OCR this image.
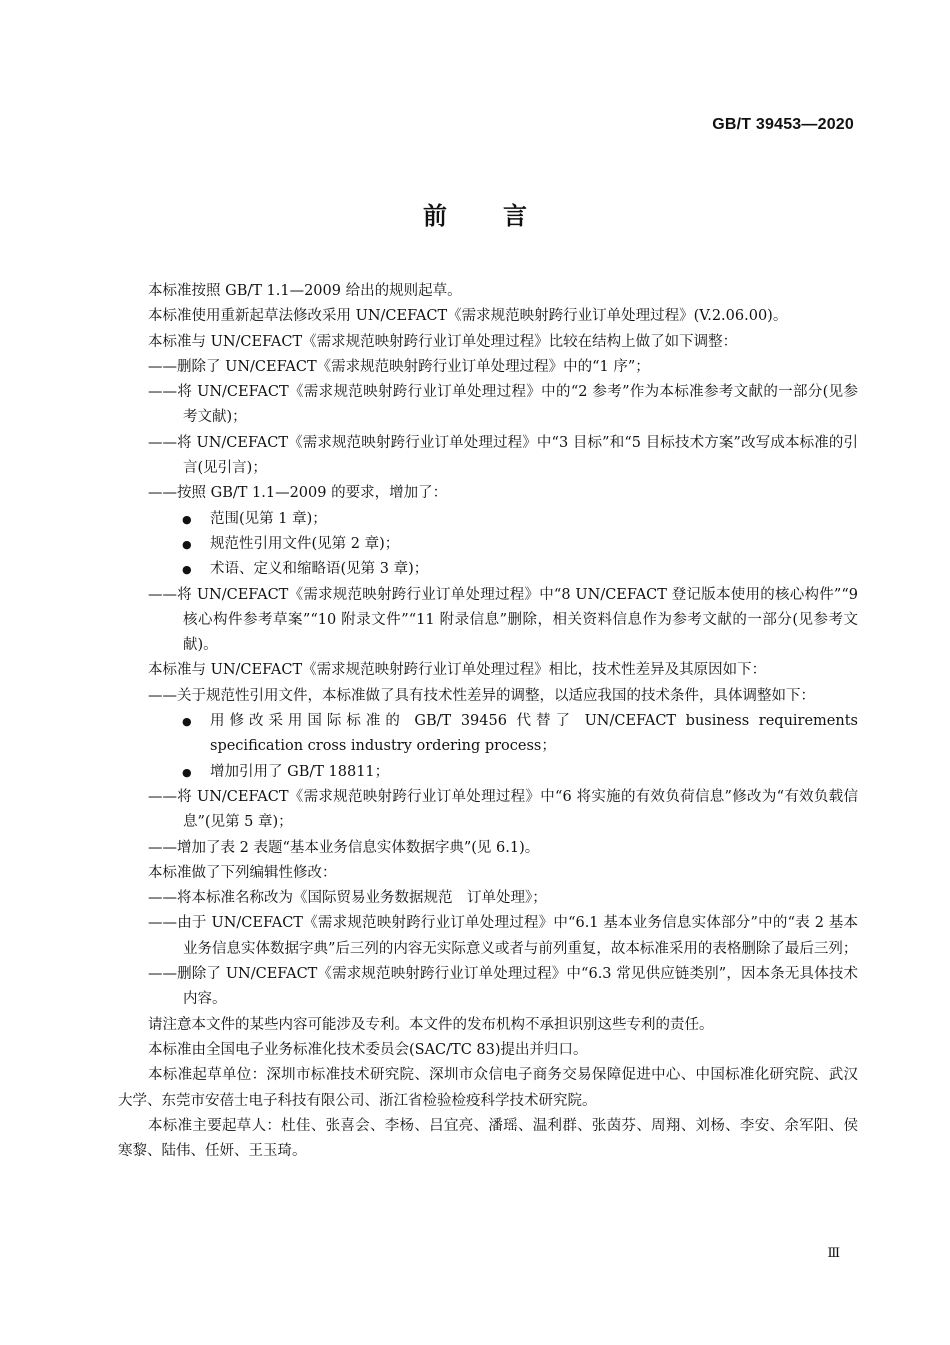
GB/T 39453—2020
前言

本标准按照 GB/T 1.1—2009 给出的规则起草。

本标准使用重新起草法修改采用 UN/CEFACT《需求规范映射跨行业订单处理过程》(V.2.06.00)。

本标准与 UN/CEFACT《需求规范映射跨行业订单处理过程》比较在结构上做了如下调整：

—— 删除了 UN/CEFACT《需求规范映射跨行业订单处理过程》中的“1 序”；

—— 将 UN/CEFACT《需求规范映射跨行业订单处理过程》中的“2 参考”作为本标准参考文献的一部分(见参考文献)；

—— 将 UN/CEFACT《需求规范映射跨行业订单处理过程》中“3 目标”和“5 目标技术方案”改写成本标准的引言(见引言)；

—— 按照 GB/T 1.1—2009 的要求，增加了：

● 范围(见第 1 章)；

● 规范性引用文件(见第 2 章)；

● 术语、定义和缩略语(见第 3 章)；

—— 将 UN/CEFACT《需求规范映射跨行业订单处理过程》中“8 UN/CEFACT 登记版本使用的核心构件”“9 核心构件参考草案”“10 附录文件”“11 附录信息”删除，相关资料信息作为参考文献的一部分(见参考文献)。

本标准与 UN/CEFACT《需求规范映射跨行业订单处理过程》相比，技术性差异及其原因如下：

—— 关于规范性引用文件，本标准做了具有技术性差异的调整，以适应我国的技术条件，具体调整如下：

● 用修改采用国际标准的 GB/T 39456 代替了 UN/CEFACT business requirements specification cross industry ordering process；

● 增加引用了 GB/T 18811；

—— 将 UN/CEFACT《需求规范映射跨行业订单处理过程》中“6 将实施的有效负荷信息”修改为“有效负载信息”(见第 5 章)；

—— 增加了表 2 表题“基本业务信息实体数据字典”(见 6.1)。

本标准做了下列编辑性修改：

—— 将本标准名称改为《国际贸易业务数据规范　订单处理》；

—— 由于 UN/CEFACT《需求规范映射跨行业订单处理过程》中“6.1 基本业务信息实体部分”中的“表 2 基本业务信息实体数据字典”后三列的内容无实际意义或者与前列重复，故本标准采用的表格删除了最后三列；

—— 删除了 UN/CEFACT《需求规范映射跨行业订单处理过程》中“6.3 常见供应链类别”，因本条无具体技术内容。

请注意本文件的某些内容可能涉及专利。本文件的发布机构不承担识别这些专利的责任。

本标准由全国电子业务标准化技术委员会(SAC/TC 83)提出并归口。

本标准起草单位：深圳市标准技术研究院、深圳市众信电子商务交易保障促进中心、中国标准化研究院、武汉大学、东莞市安蓓士电子科技有限公司、浙江省检验检疫科学技术研究院。

本标准主要起草人：杜佳、张喜会、李杨、吕宜亮、潘瑶、温利群、张茵芬、周翔、刘杨、李安、余军阳、侯寒黎、陆伟、任妍、王玉琦。

Ⅲ
